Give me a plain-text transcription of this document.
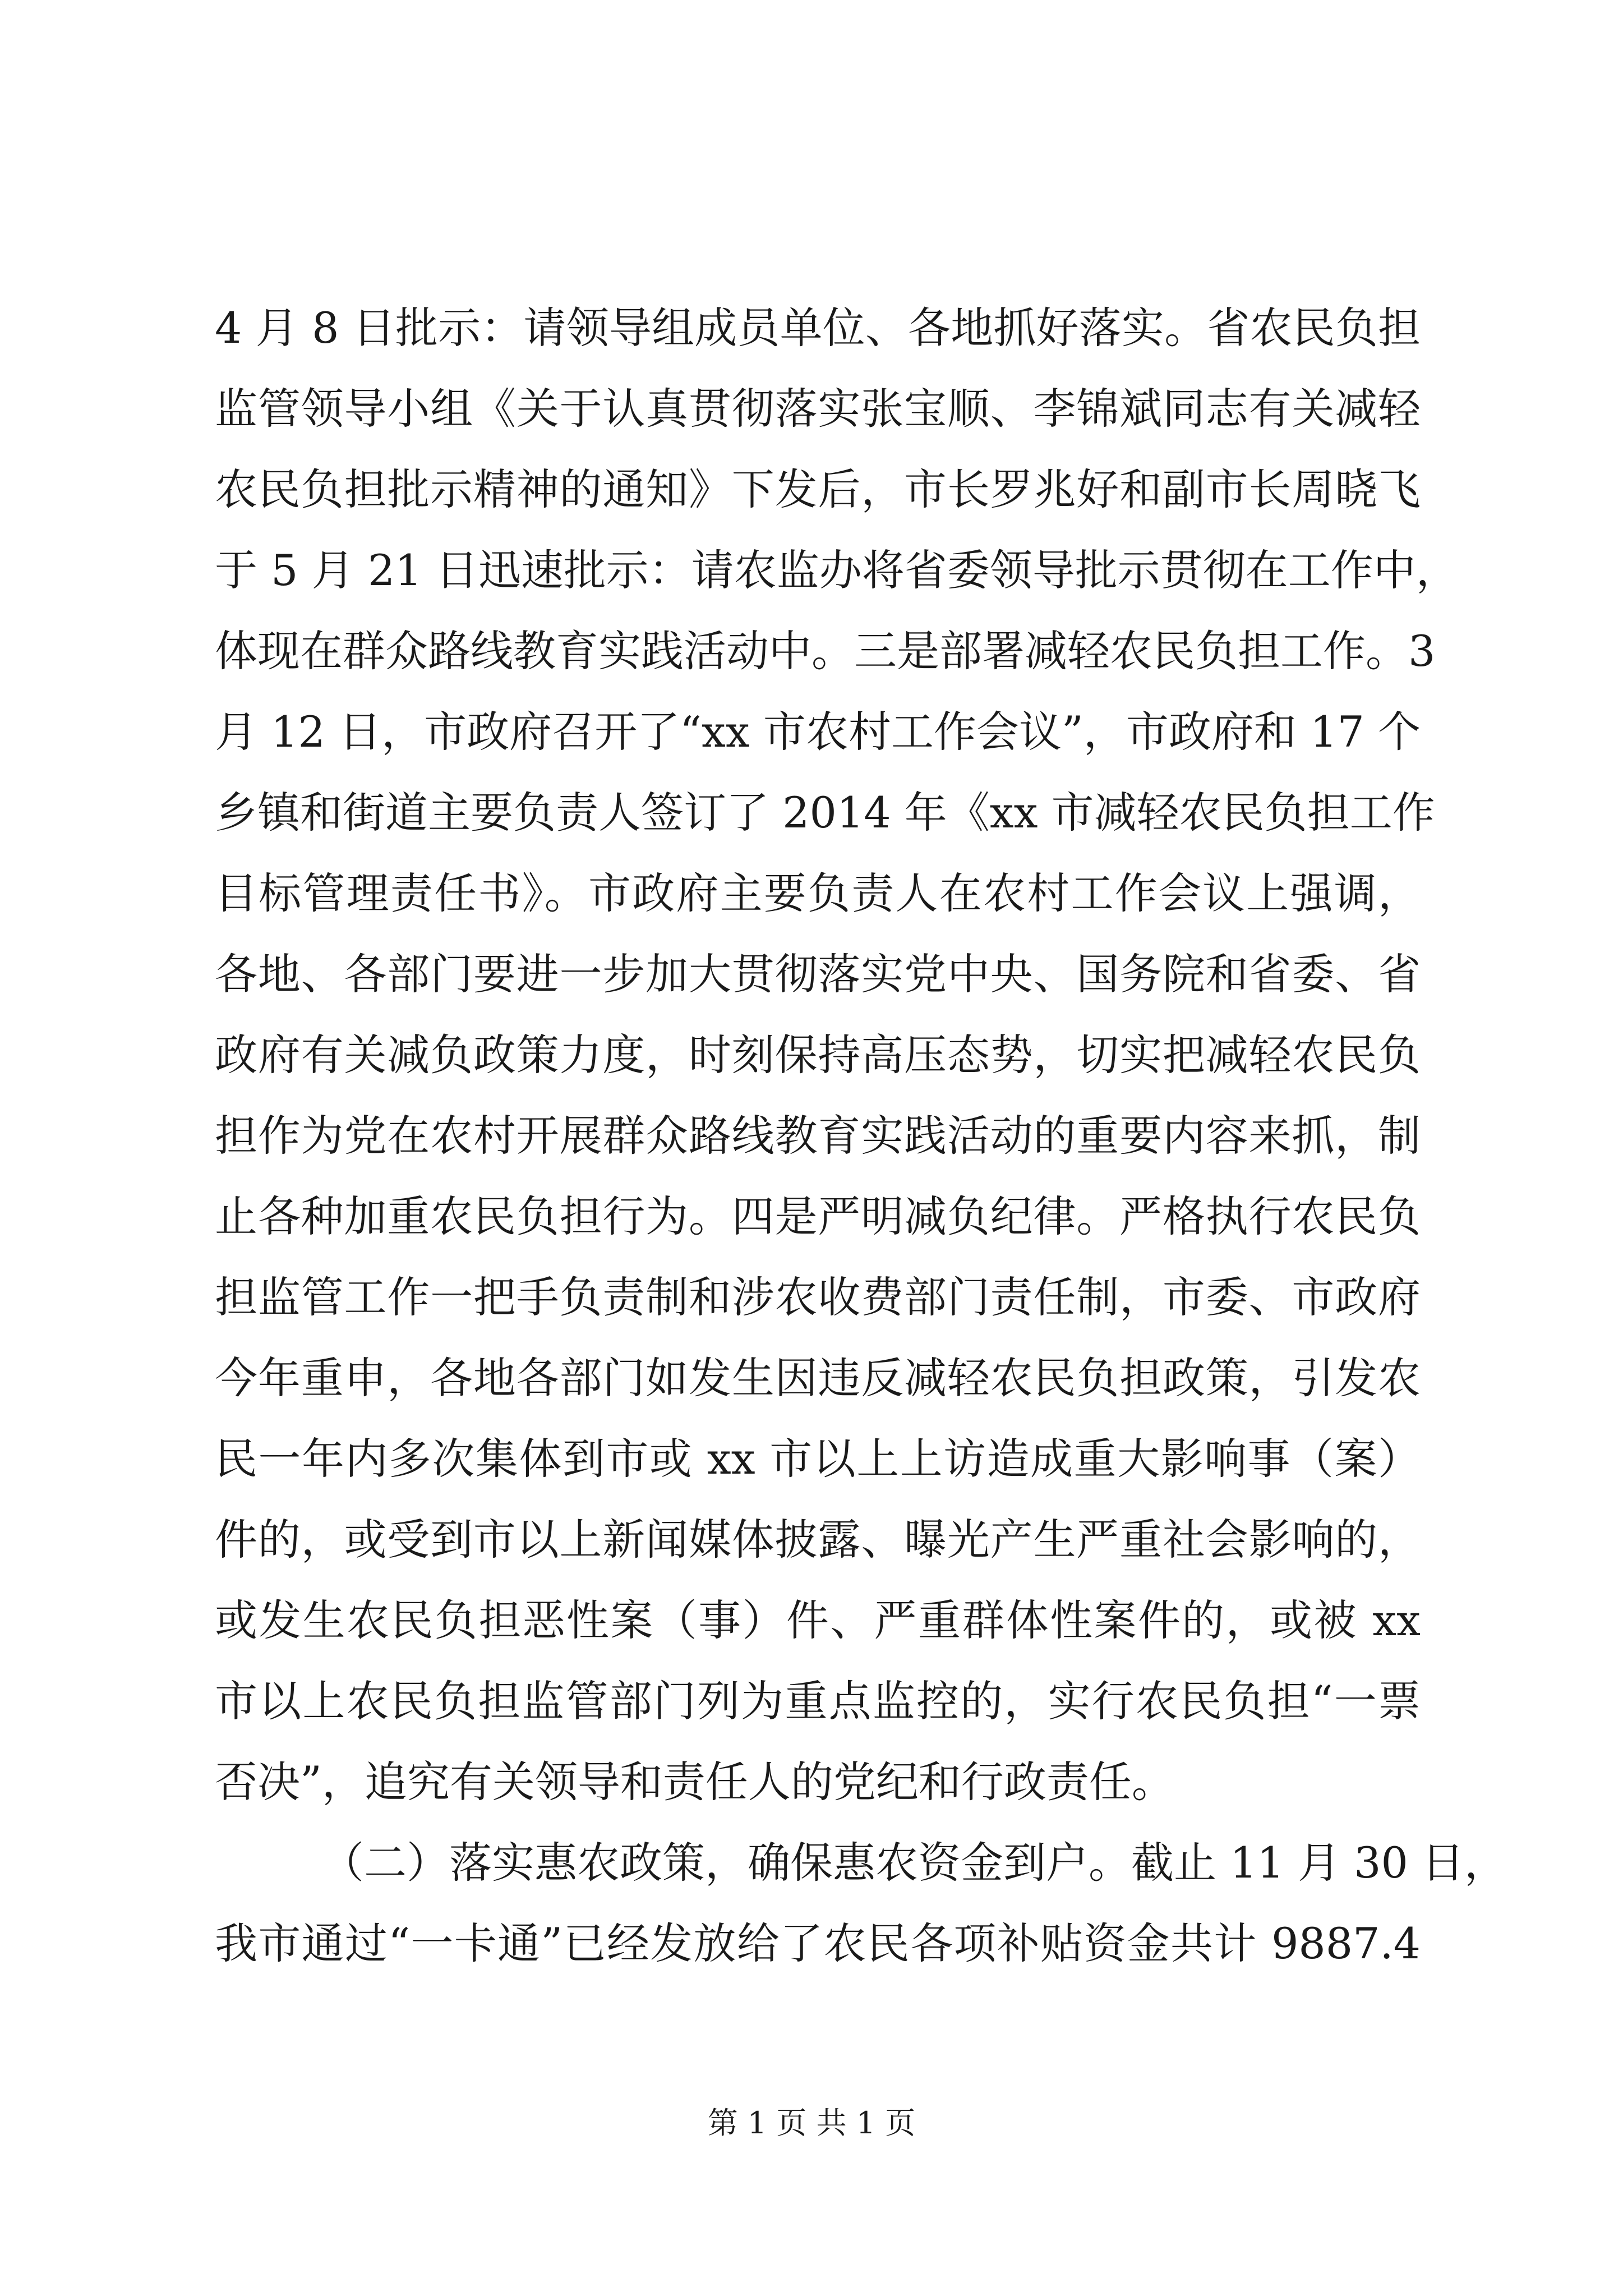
4 月 8 日批示：请领导组成员单位、各地抓好落实。省农民负担
监管领导小组《关于认真贯彻落实张宝顺、李锦斌同志有关减轻
农民负担批示精神的通知》下发后，市长罗兆好和副市长周晓飞
于 5 月 21 日迅速批示：请农监办将省委领导批示贯彻在工作中，
体现在群众路线教育实践活动中。三是部署减轻农民负担工作。3
月 12 日，市政府召开了“xx 市农村工作会议”，市政府和 17 个
乡镇和街道主要负责人签订了 2014 年《xx 市减轻农民负担工作
目标管理责任书》。市政府主要负责人在农村工作会议上强调，
各地、各部门要进一步加大贯彻落实党中央、国务院和省委、省
政府有关减负政策力度，时刻保持高压态势，切实把减轻农民负
担作为党在农村开展群众路线教育实践活动的重要内容来抓，制
止各种加重农民负担行为。四是严明减负纪律。严格执行农民负
担监管工作一把手负责制和涉农收费部门责任制，市委、市政府
今年重申，各地各部门如发生因违反减轻农民负担政策，引发农
民一年内多次集体到市或 xx 市以上上访造成重大影响事（案）
件的，或受到市以上新闻媒体披露、曝光产生严重社会影响的，
或发生农民负担恶性案（事）件、严重群体性案件的，或被 xx
市以上农民负担监管部门列为重点监控的，实行农民负担“一票
否决”，追究有关领导和责任人的党纪和行政责任。
（二）落实惠农政策，确保惠农资金到户。截止 11 月 30 日，
我市通过“一卡通”已经发放给了农民各项补贴资金共计 9887.4
第 1 页 共 1 页
